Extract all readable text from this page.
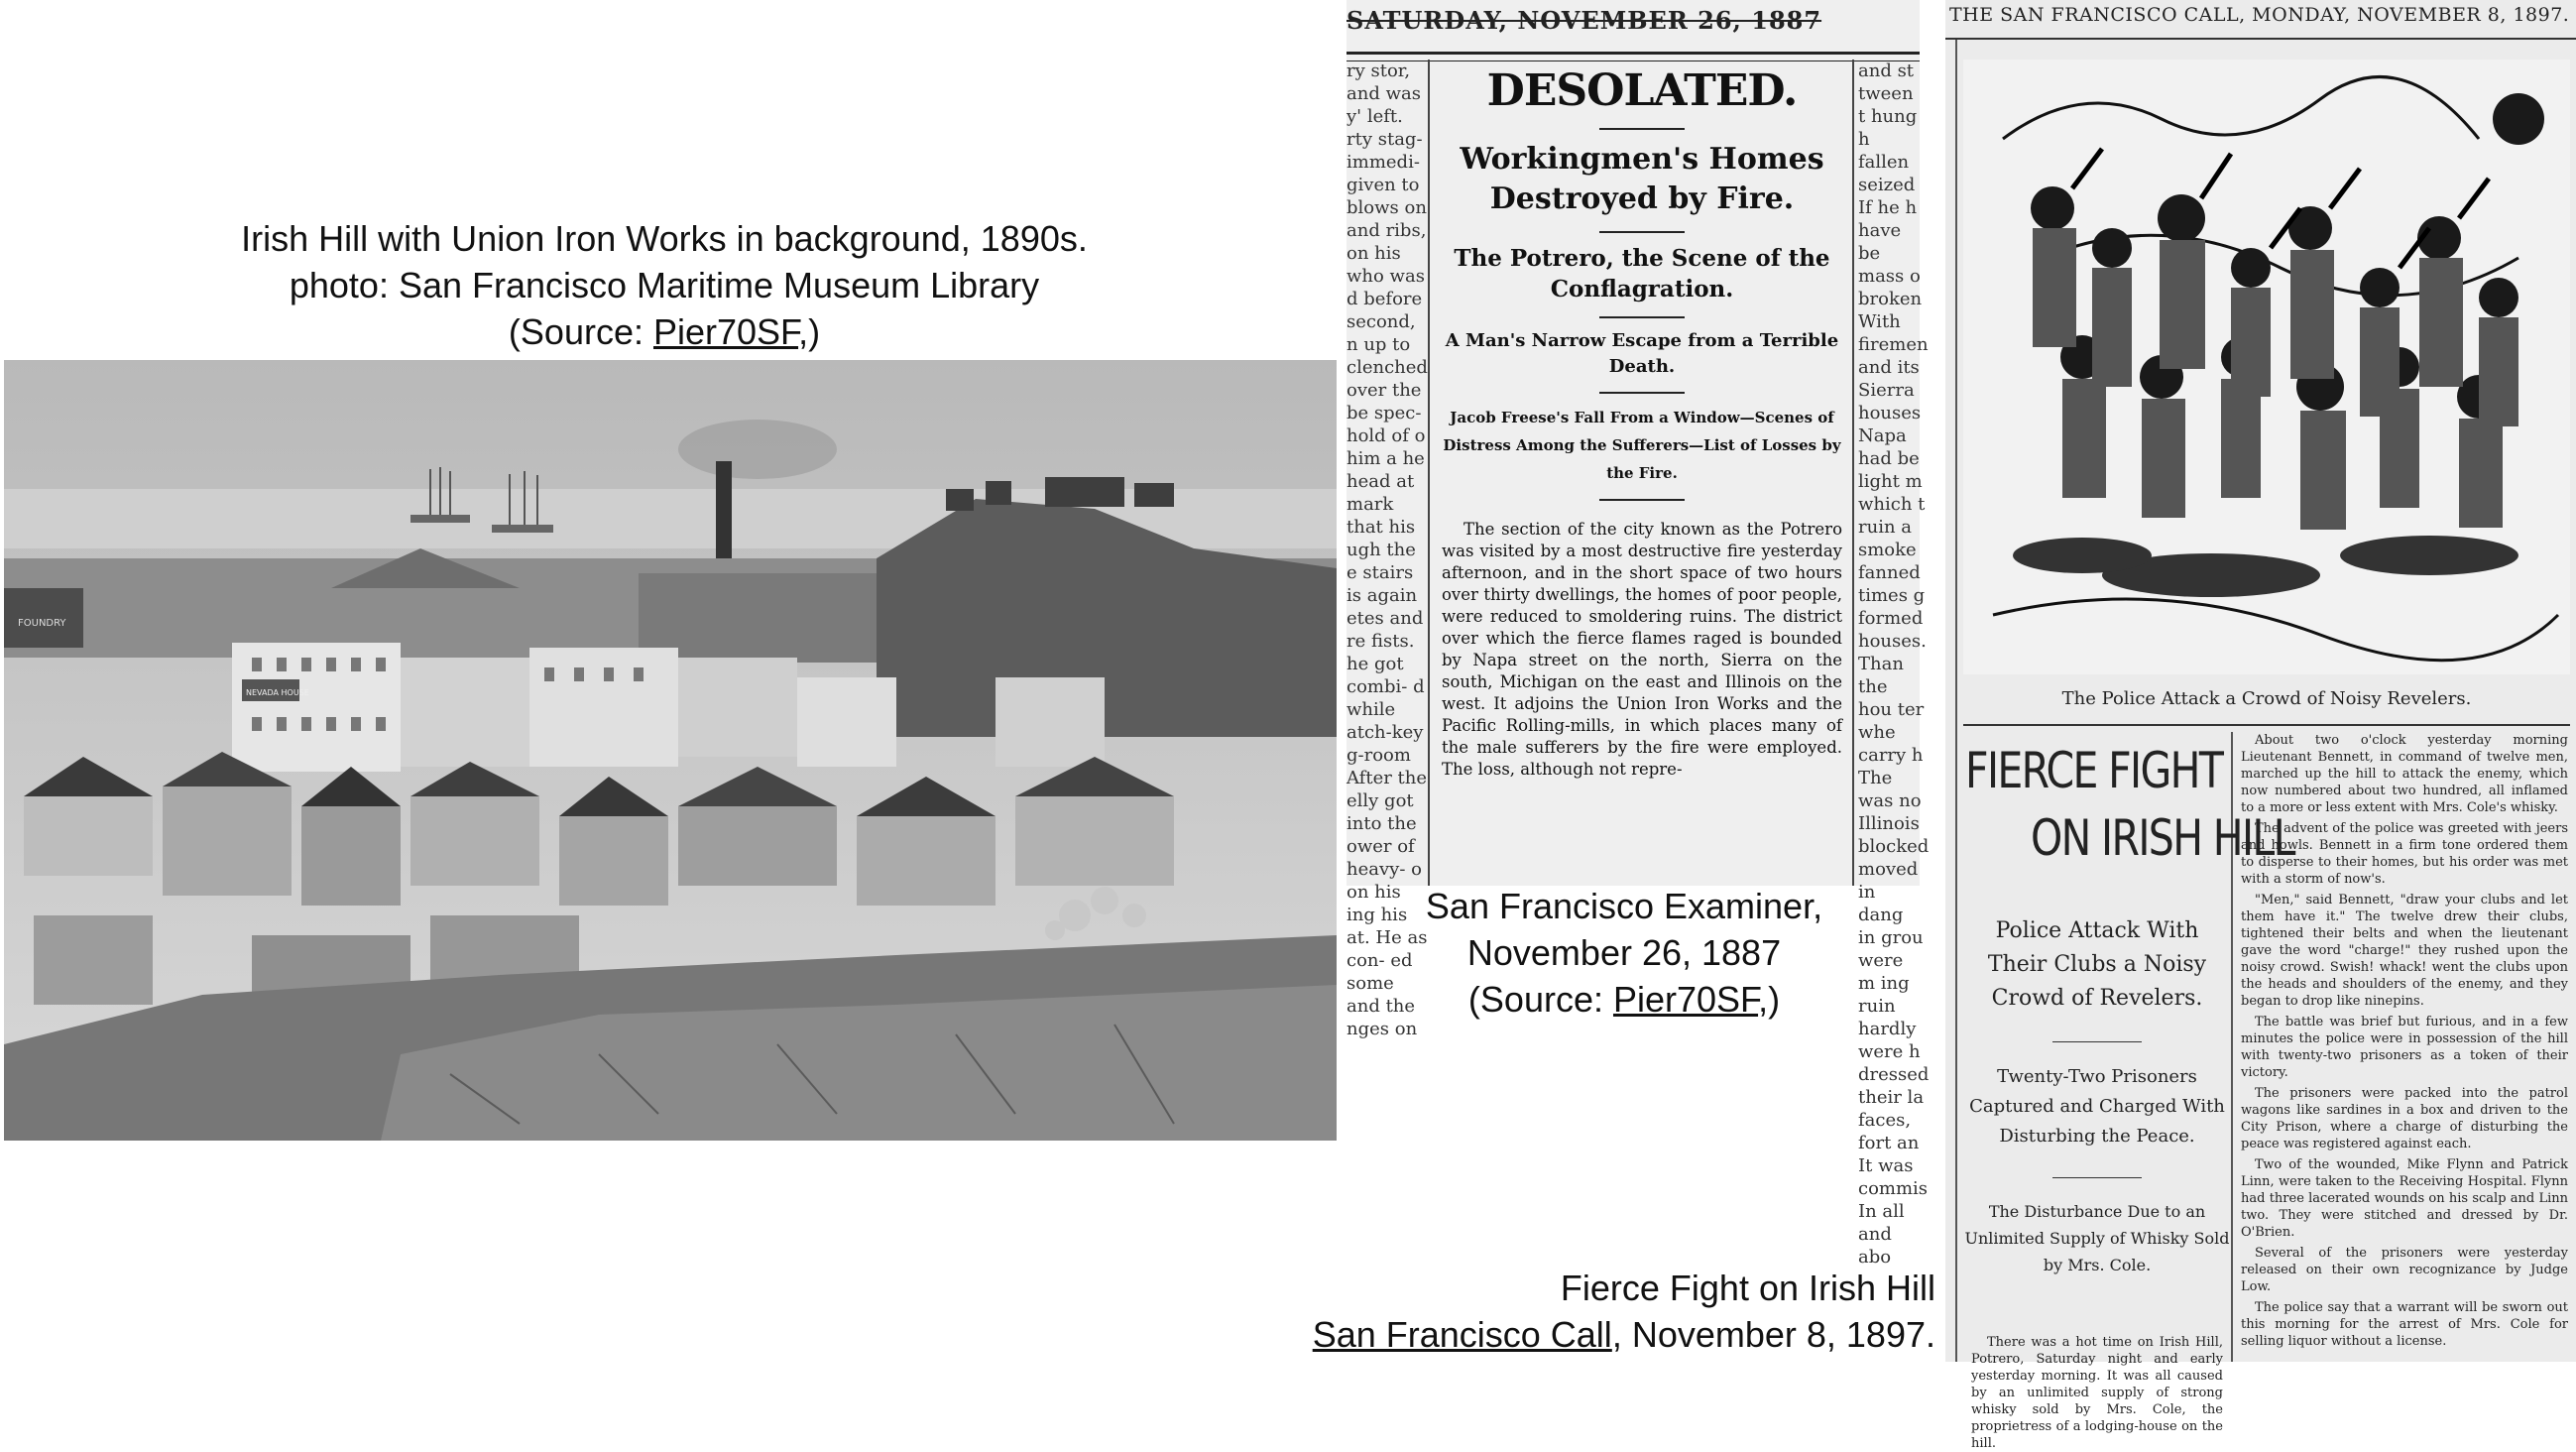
Irish Hill with Union Iron Works in background, 1890s.
photo: San Francisco Maritime Museum Library
(Source: Pier70SF,)
NEVADA HOUSE
FOUNDRY
SATURDAY, NOVEMBER 26, 1887
ry stor, and was y' left. rty stag- immedi- given to blows on and ribs, on his who was d before second, n up to clenched over the be spec- hold of o him a he head at mark that his ugh the e stairs is again etes and re fists. he got combi- d while atch-key g-room After the elly got into the ower of heavy- o on his ing his at. He as con- ed some and the nges on
DESOLATED.
Workingmen's Homes Destroyed by Fire.
The Potrero, the Scene of the Conflagration.
A Man's Narrow Escape from a Terrible Death.
Jacob Freese's Fall From a Window—Scenes of Distress Among the Sufferers—List of Losses by the Fire.
The section of the city known as the Potrero was visited by a most destructive fire yesterday afternoon, and in the short space of two hours over thirty dwellings, the homes of poor people, were reduced to smoldering ruins. The district over which the fierce flames raged is bounded by Napa street on the north, Sierra on the south, Michigan on the east and Illinois on the west. It adjoins the Union Iron Works and the Pacific Rolling-mills, in which places many of the male sufferers by the fire were employed. The loss, although not repre-
and st tween t hung h fallen seized If he h have be mass o broken With firemen and its Sierra houses Napa had be light m which t ruin a smoke fanned times g formed houses. Than the hou ter whe carry h The was no Illinois blocked moved in dang in grou were m ing ruin hardly were h dressed their la faces, fort an It was commis In all and abo
San Francisco Examiner,
November 26, 1887
(Source: Pier70SF,)
THE SAN FRANCISCO CALL, MONDAY, NOVEMBER 8, 1897.
The Police Attack a Crowd of Noisy Revelers.
FIERCE FIGHT
ON IRISH HILL
Police Attack With Their Clubs a Noisy Crowd of Revelers.
Twenty-Two Prisoners Captured and Charged With Disturbing the Peace.
The Disturbance Due to an Unlimited Supply of Whisky Sold by Mrs. Cole.
There was a hot time on Irish Hill, Potrero, Saturday night and early yesterday morning. It was all caused by an unlimited supply of strong whisky sold by Mrs. Cole, the proprietress of a lodging-house on the hill.

About two o'clock yesterday morning Lieutenant Bennett, in command of twelve men, marched up the hill to attack the enemy, which now numbered about two hundred, all inflamed to a more or less extent with Mrs. Cole's whisky.

The advent of the police was greeted with jeers and howls. Bennett in a firm tone ordered them to disperse to their homes, but his order was met with a storm of now's.

"Men," said Bennett, "draw your clubs and let them have it." The twelve drew their clubs, tightened their belts and when the lieutenant gave the word "charge!" they rushed upon the noisy crowd. Swish! whack! went the clubs upon the heads and shoulders of the enemy, and they began to drop like ninepins.

The battle was brief but furious, and in a few minutes the police were in possession of the hill with twenty-two prisoners as a token of their victory.

The prisoners were packed into the patrol wagons like sardines in a box and driven to the City Prison, where a charge of disturbing the peace was registered against each.

Two of the wounded, Mike Flynn and Patrick Linn, were taken to the Receiving Hospital. Flynn had three lacerated wounds on his scalp and Linn two. They were stitched and dressed by Dr. O'Brien.

Several of the prisoners were yesterday released on their own recognizance by Judge Low.

The police say that a warrant will be sworn out this morning for the arrest of Mrs. Cole for selling liquor without a license.

Fierce Fight on Irish Hill
San Francisco Call, November 8, 1897.
